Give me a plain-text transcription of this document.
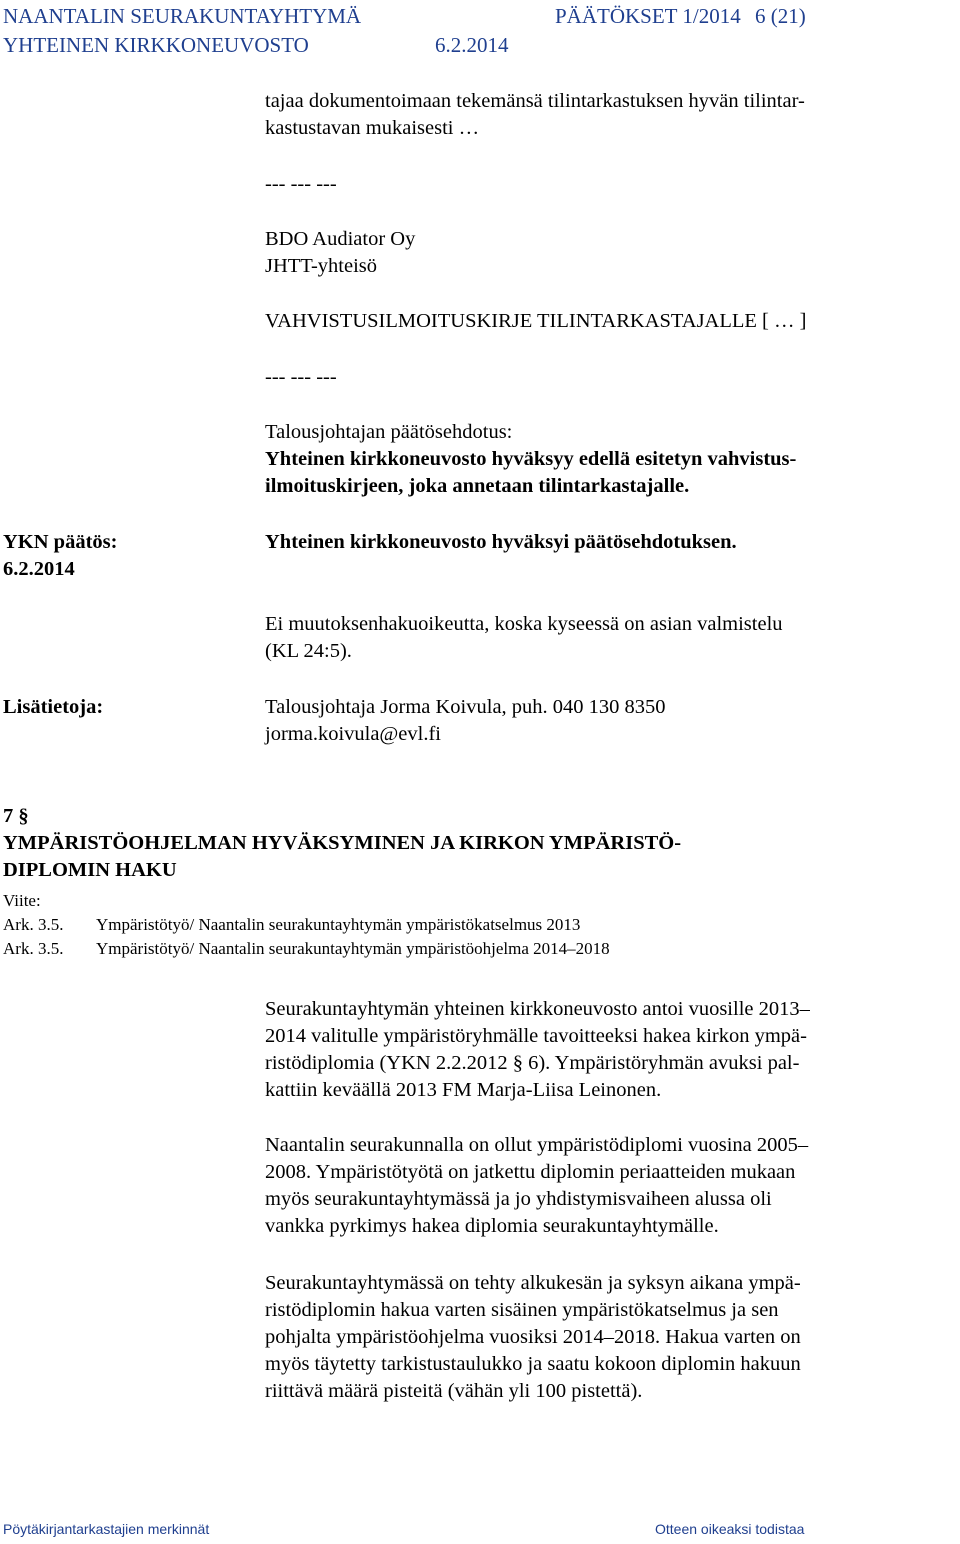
NAANTALIN SEURAKUNTAYHTYMÄ	PÄÄTÖKSET 1/2014 6 (21)
YHTEINEN KIRKKONEUVOSTO	6.2.2014
tajaa dokumentoimaan tekemänsä tilintarkastuksen hyvän tilintar-
kastustavan mukaisesti …
--- --- ---
BDO Audiator Oy
JHTT-yhteisö
VAHVISTUSILMOITUSKIRJE TILINTARKASTAJALLE [ … ]
--- --- ---
Talousjohtajan päätösehdotus:
Yhteinen kirkkoneuvosto hyväksyy edellä esitetyn vahvistus-
ilmoituskirjeen, joka annetaan tilintarkastajalle.
YKN päätös:
6.2.2014
Yhteinen kirkkoneuvosto hyväksyi päätösehdotuksen.
Ei muutoksenhakuoikeutta, koska kyseessä on asian valmistelu
(KL 24:5).
Lisätietoja:	Talousjohtaja Jorma Koivula, puh. 040 130 8350
jorma.koivula@evl.fi
7 §
YMPÄRISTÖOHJELMAN HYVÄKSYMINEN JA KIRKON YMPÄRISTÖ-
DIPLOMIN HAKU
Viite:
Ark. 3.5. Ympäristötyö/ Naantalin seurakuntayhtymän ympäristökatselmus 2013
Ark. 3.5. Ympäristötyö/ Naantalin seurakuntayhtymän ympäristöohjelma 2014–2018
Seurakuntayhtymän yhteinen kirkkoneuvosto antoi vuosille 2013–
2014 valitulle ympäristöryhmälle tavoitteeksi hakea kirkon ympä-
ristödiplomia (YKN 2.2.2012 § 6). Ympäristöryhmän avuksi pal-
kattiin keväällä 2013 FM Marja-Liisa Leinonen.
Naantalin seurakunnalla on ollut ympäristödiplomi vuosina 2005–
2008. Ympäristötyötä on jatkettu diplomin periaatteiden mukaan
myös seurakuntayhtymässä ja jo yhdistymisvaiheen alussa oli
vankka pyrkimys hakea diplomia seurakuntayhtymälle.
Seurakuntayhtymässä on tehty alkukesän ja syksyn aikana ympä-
ristödiplomin hakua varten sisäinen ympäristökatselmus ja sen
pohjalta ympäristöohjelma vuosiksi 2014–2018. Hakua varten on
myös täytetty tarkistustaulukko ja saatu kokoon diplomin hakuun
riittävä määrä pisteitä (vähän yli 100 pistettä).
Pöytäkirjantarkastajien merkinnät	Otteen oikeaksi todistaa
